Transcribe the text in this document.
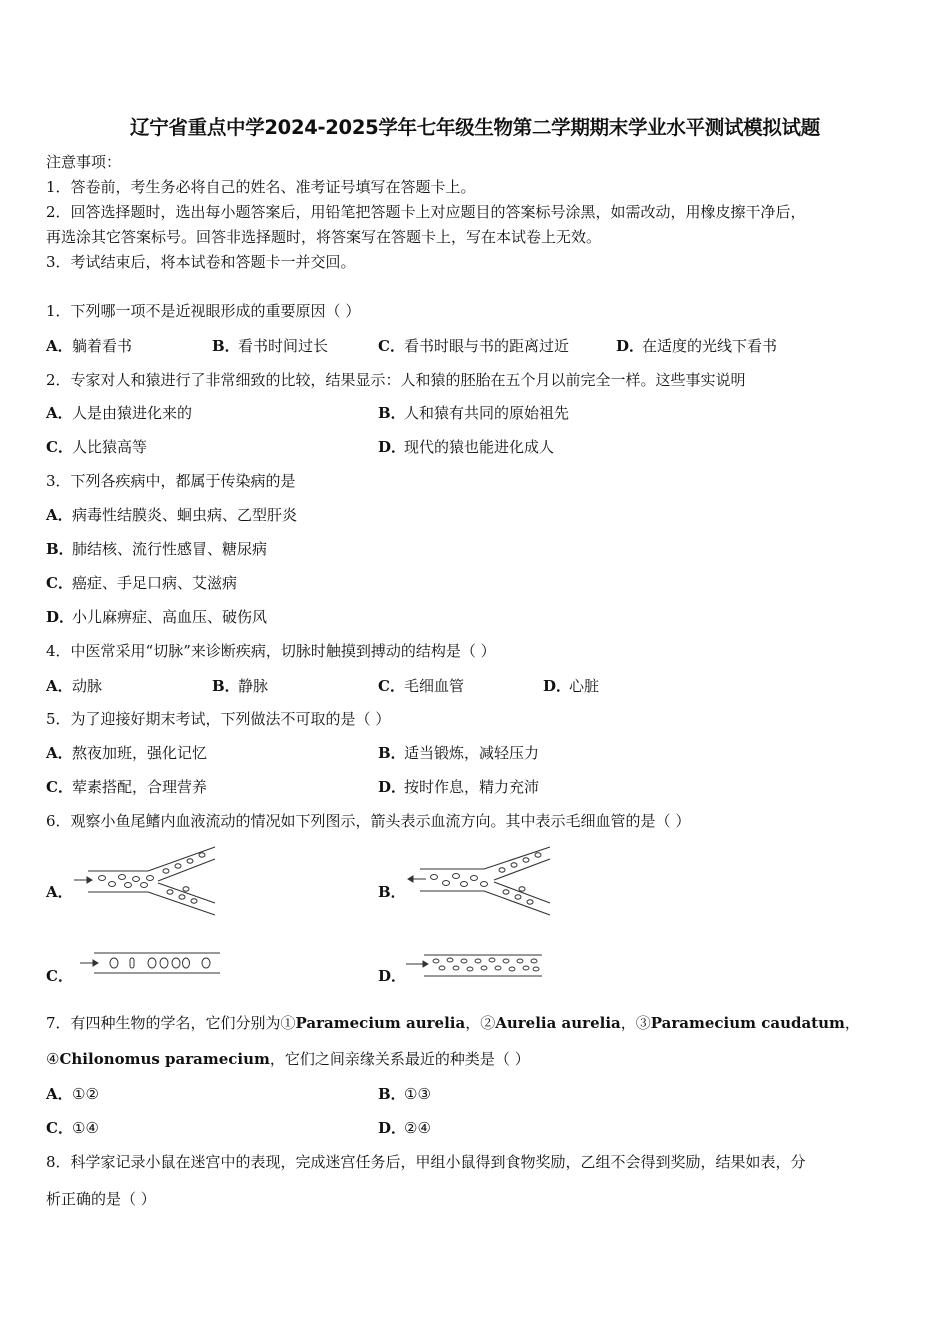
辽宁省重点中学2024-2025学年七年级生物第二学期期末学业水平测试模拟试题
注意事项：
1．答卷前，考生务必将自己的姓名、准考证号填写在答题卡上。
2．回答选择题时，选出每小题答案后，用铅笔把答题卡上对应题目的答案标号涂黑，如需改动，用橡皮擦干净后，
再选涂其它答案标号。回答非选择题时，将答案写在答题卡上，写在本试卷上无效。
3．考试结束后，将本试卷和答题卡一并交回。
1．下列哪一项不是近视眼形成的重要原因（ ）
A．躺着看书	B．看书时间过长	C．看书时眼与书的距离过近	D．在适度的光线下看书
2．专家对人和猿进行了非常细致的比较，结果显示：人和猿的胚胎在五个月以前完全一样。这些事实说明
A．人是由猿进化来的	B．人和猿有共同的原始祖先
C．人比猿高等	D．现代的猿也能进化成人
3．下列各疾病中，都属于传染病的是
A．病毒性结膜炎、蛔虫病、乙型肝炎
B．肺结核、流行性感冒、糖尿病
C．癌症、手足口病、艾滋病
D．小儿麻痹症、高血压、破伤风
4．中医常采用“切脉”来诊断疾病，切脉时触摸到搏动的结构是（ ）
A．动脉	B．静脉	C．毛细血管	D．心脏
5．为了迎接好期末考试，下列做法不可取的是（ ）
A．熬夜加班，强化记忆	B．适当锻炼，减轻压力
C．荤素搭配，合理营养	D．按时作息，精力充沛
6．观察小鱼尾鳍内血液流动的情况如下列图示，箭头表示血流方向。其中表示毛细血管的是（ ）
A．	B．
C．	D．
7．有四种生物的学名，它们分别为①Paramecium aurelia，②Aurelia aurelia，③Paramecium caudatum，
④Chilonomus paramecium，它们之间亲缘关系最近的种类是（ ）
A．①②	B．①③
C．①④	D．②④
8．科学家记录小鼠在迷宫中的表现，完成迷宫任务后，甲组小鼠得到食物奖励，乙组不会得到奖励，结果如表，分
析正确的是（ ）
